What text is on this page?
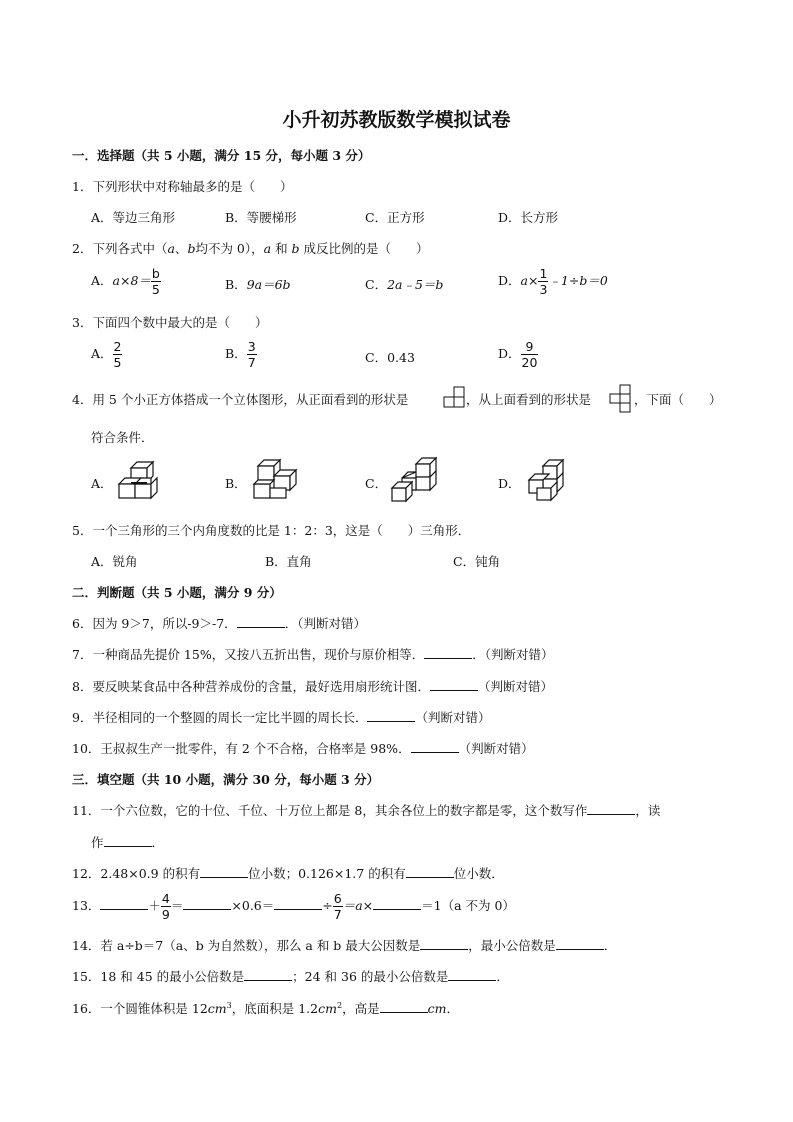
小升初苏教版数学模拟试卷
一．选择题（共 5 小题，满分 15 分，每小题 3 分）
1．下列形状中对称轴最多的是（　　）
A．等边三角形	B．等腰梯形	C．正方形	D．长方形
2．下列各式中（a、b均不为 0），a 和 b 成反比例的是（　　）
A．$a\times 8= \frac{b}{5}$	B．9a＝6b	C．2a﹣5＝b	D．$a\times \frac{1}{3}$ ﹣1÷b＝0
3．下面四个数中最大的是（　　）
A． $\frac{2}{5}$	B． $\frac{3}{7}$	C．0.43	D． $\frac{9}{20}$
4．用 5 个小正方体搭成一个立体图形，从正面看到的形状是	，从上面看到的形状是	，下面（　　）
符合条件．
A．	B．	C．	D．
5．一个三角形的三个内角度数的比是 1：2：3，这是（　　）三角形．
A．锐角	B．直角	C．钝角
二．判断题（共 5 小题，满分 9 分）
6．因为 9＞7，所以-9＞-7．	．（判断对错）
7．一种商品先提价 15%，又按八五折出售，现价与原价相等．	．（判断对错）
8．要反映某食品中各种营养成份的含量，最好选用扇形统计图．	（判断对错）
9．半径相同的一个整圆的周长一定比半圆的周长长．	（判断对错）
10．王叔叔生产一批零件，有 2 个不合格，合格率是 98%．	（判断对错）
三．填空题（共 10 小题，满分 30 分，每小题 3 分）
11．一个六位数，它的十位、千位、十万位上都是 8，其余各位上的数字都是零，这个数写作	，读
作	．
12．2.48×0.9 的积有	位小数；0.126×1.7 的积有	位小数．
13．	＋ $\frac{4}{9}$ ＝	×0.6＝	÷ $\frac{6}{7} =a\times$	＝1（a 不为 0）
14．若 a÷b＝7（a、b 为自然数），那么 a 和 b 最大公因数是	，最小公倍数是	．
15．18 和 45 的最小公倍数是	；24 和 36 的最小公倍数是	．
16．一个圆锥体积是 $12cm^3$，底面积是 $1.2cm^2$，高是	cm．
